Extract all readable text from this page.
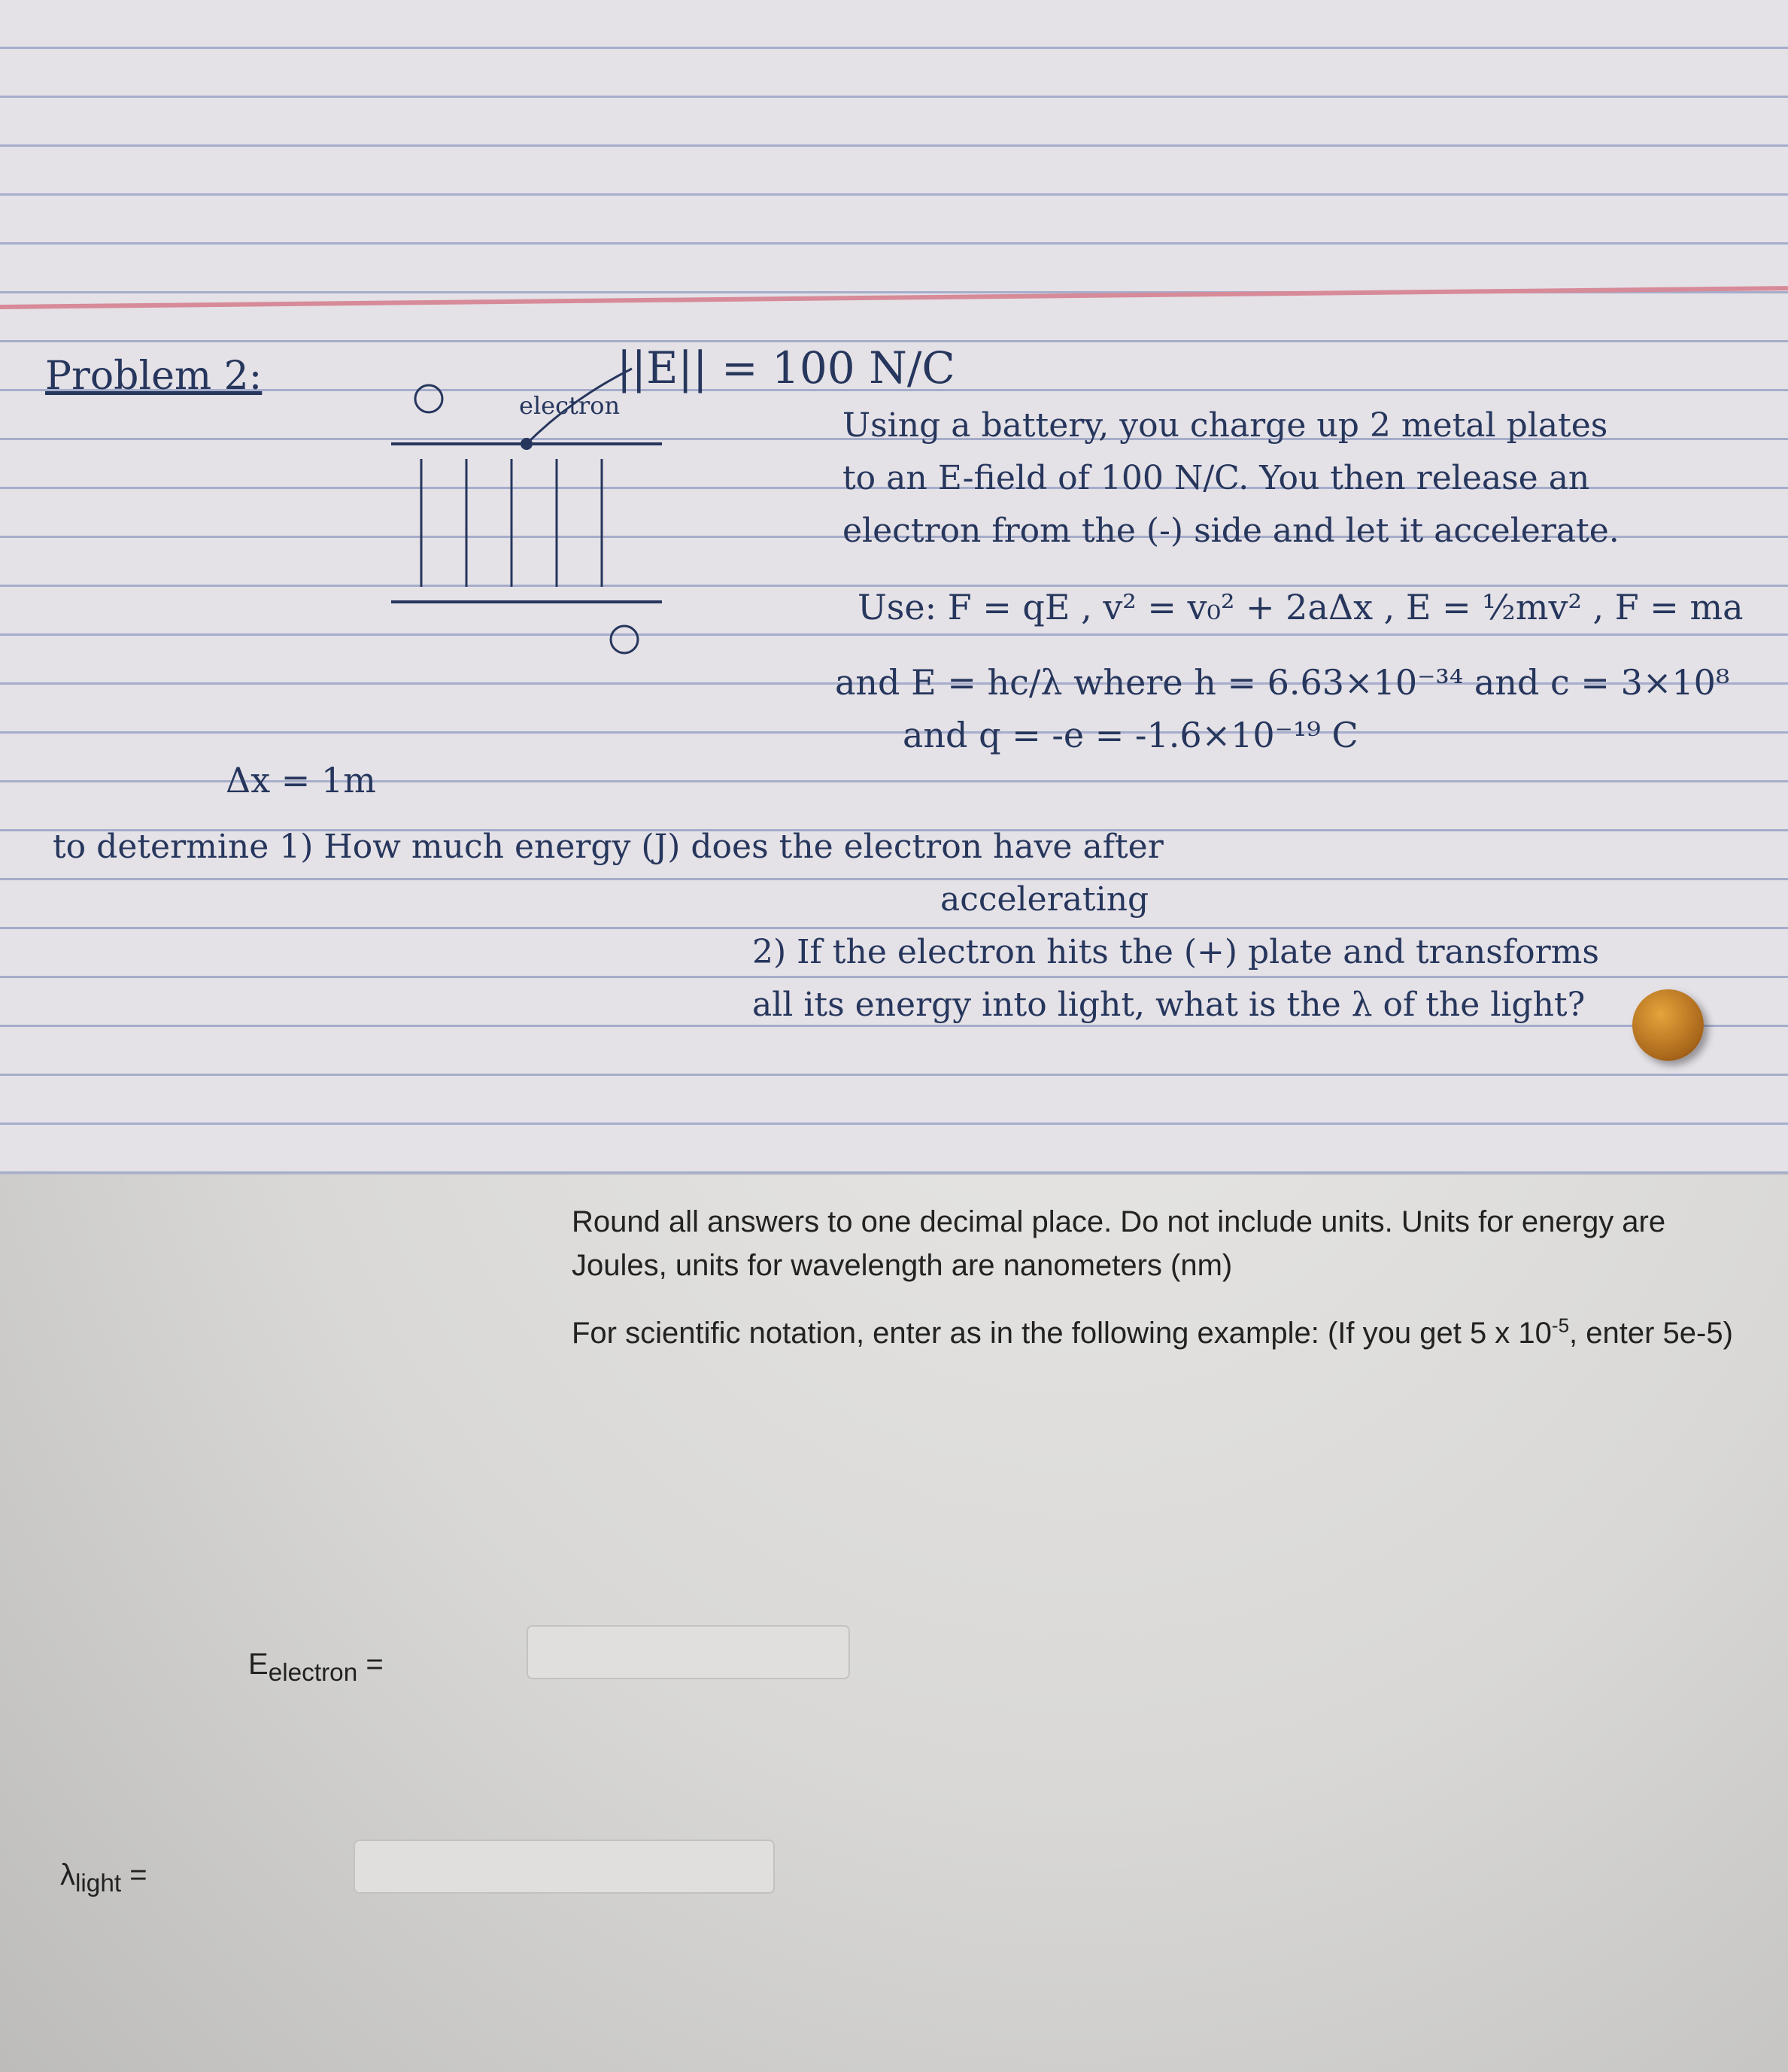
Problem 2:
electron
||E|| = 100 N/C
Using a battery, you charge up 2 metal plates
to an E-field of 100 N/C. You then release an
electron from the (-) side and let it accelerate.
Use: F = qE , v² = v₀² + 2aΔx , E = ½mv² , F = ma
and E = hc/λ where h = 6.63×10⁻³⁴ and c = 3×10⁸
and q = -e = -1.6×10⁻¹⁹ C
Δx = 1m
to determine 1) How much energy (J) does the electron have after
accelerating
2) If the electron hits the (+) plate and transforms
all its energy into light, what is the λ of the light?
Round all answers to one decimal place. Do not include units. Units for energy are Joules, units for wavelength are nanometers (nm)
For scientific notation, enter as in the following example: (If you get 5 x $10^{-5}$, enter 5e-5)
$E_{electron}$ =
$\lambda_{light}$ =
